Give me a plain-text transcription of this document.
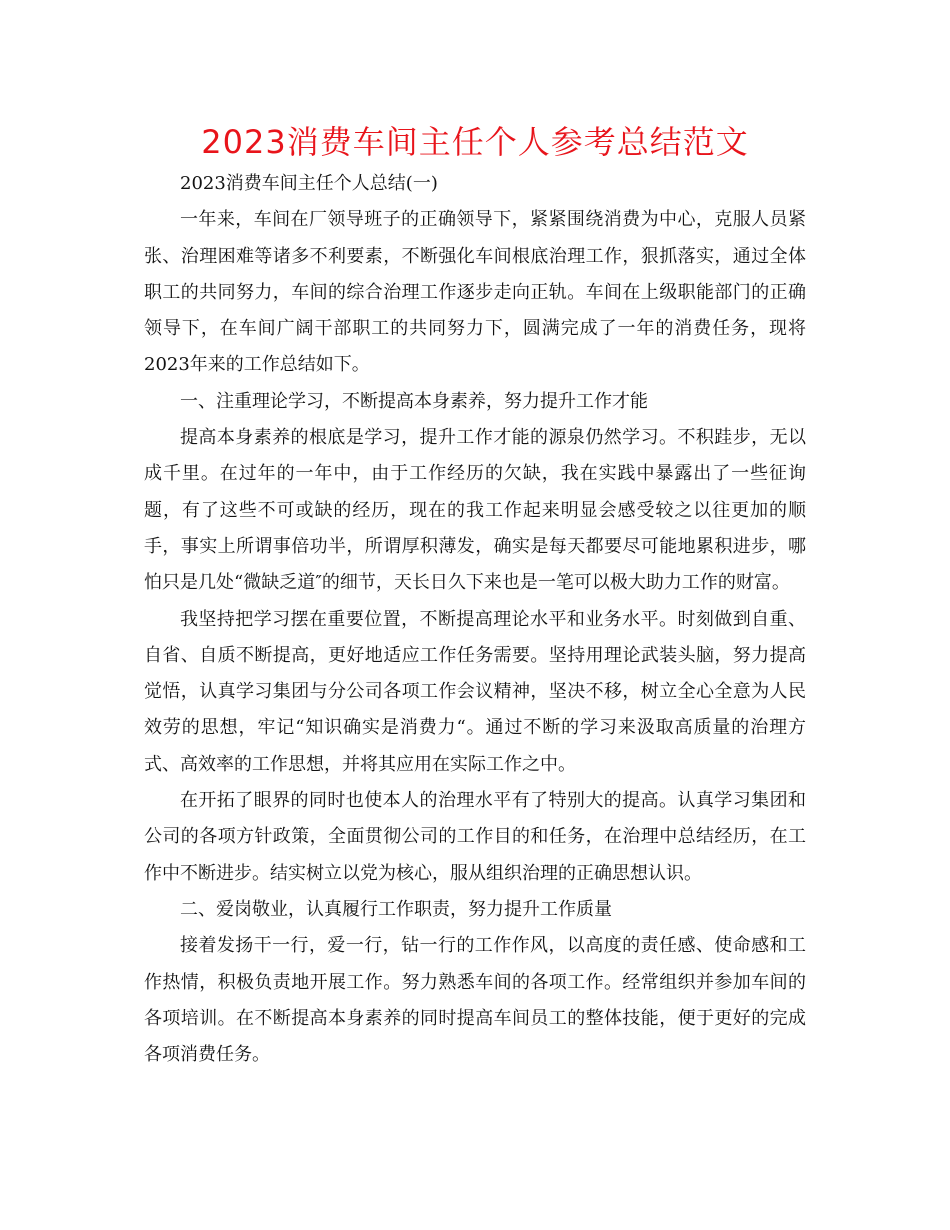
2023消费车间主任个人参考总结范文

2023消费车间主任个人总结(一)

一年来，车间在厂领导班子的正确领导下，紧紧围绕消费为中心，克服人员紧张、治理困难等诸多不利要素，不断强化车间根底治理工作，狠抓落实，通过全体职工的共同努力，车间的综合治理工作逐步走向正轨。车间在上级职能部门的正确领导下，在车间广阔干部职工的共同努力下，圆满完成了一年的消费任务，现将2023年来的工作总结如下。

一、注重理论学习，不断提高本身素养，努力提升工作才能

提高本身素养的根底是学习，提升工作才能的源泉仍然学习。不积跬步，无以成千里。在过年的一年中，由于工作经历的欠缺，我在实践中暴露出了一些征询题，有了这些不可或缺的经历，现在的我工作起来明显会感受较之以往更加的顺手，事实上所谓事倍功半，所谓厚积薄发，确实是每天都要尽可能地累积进步，哪怕只是几处“微缺乏道″的细节，天长日久下来也是一笔可以极大助力工作的财富。

我坚持把学习摆在重要位置，不断提高理论水平和业务水平。时刻做到自重、自省、自质不断提高，更好地适应工作任务需要。坚持用理论武装头脑，努力提高觉悟，认真学习集团与分公司各项工作会议精神，坚决不移，树立全心全意为人民效劳的思想，牢记“知识确实是消费力“。通过不断的学习来汲取高质量的治理方式、高效率的工作思想，并将其应用在实际工作之中。

在开拓了眼界的同时也使本人的治理水平有了特别大的提高。认真学习集团和公司的各项方针政策，全面贯彻公司的工作目的和任务，在治理中总结经历，在工作中不断进步。结实树立以党为核心，服从组织治理的正确思想认识。

二、爱岗敬业，认真履行工作职责，努力提升工作质量

接着发扬干一行，爱一行，钻一行的工作作风，以高度的责任感、使命感和工作热情，积极负责地开展工作。努力熟悉车间的各项工作。经常组织并参加车间的各项培训。在不断提高本身素养的同时提高车间员工的整体技能，便于更好的完成各项消费任务。
